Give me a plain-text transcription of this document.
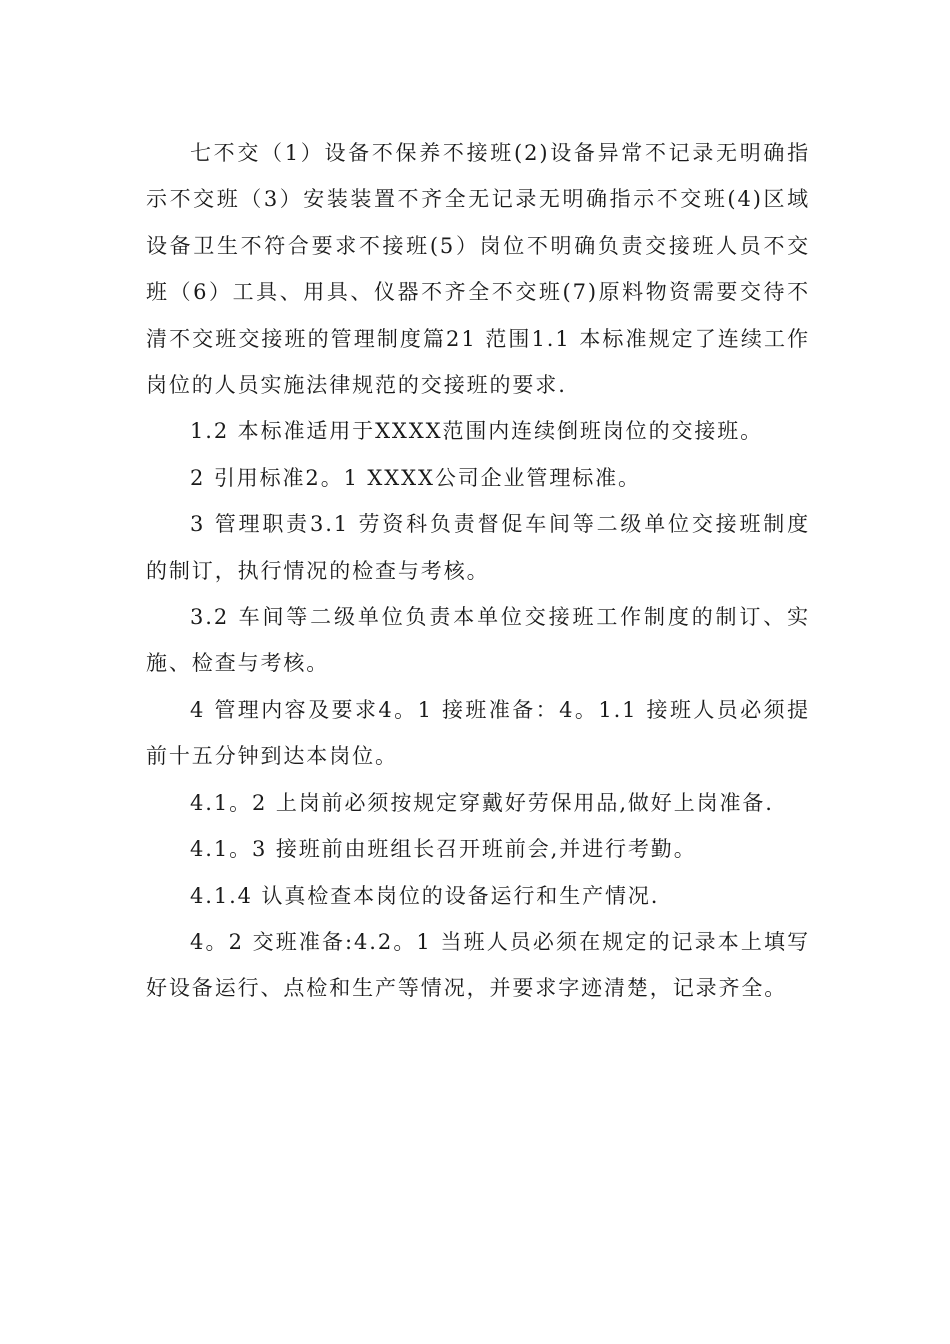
七不交（1）设备不保养不接班(2)设备异常不记录无明确指示不交班（3）安装装置不齐全无记录无明确指示不交班(4)区域设备卫生不符合要求不接班(5）岗位不明确负责交接班人员不交班（6）工具、用具、仪器不齐全不交班(7)原料物资需要交待不清不交班交接班的管理制度篇21 范围1.1 本标准规定了连续工作岗位的人员实施法律规范的交接班的要求.

1.2 本标准适用于XXXX范围内连续倒班岗位的交接班。

2 引用标准2。1 XXXX公司企业管理标准。

3 管理职责3.1 劳资科负责督促车间等二级单位交接班制度的制订，执行情况的检查与考核。

3.2 车间等二级单位负责本单位交接班工作制度的制订、实施、检查与考核。

4 管理内容及要求4。1 接班准备：4。1.1 接班人员必须提前十五分钟到达本岗位。

4.1。2 上岗前必须按规定穿戴好劳保用品,做好上岗准备.

4.1。3 接班前由班组长召开班前会,并进行考勤。

4.1.4 认真检查本岗位的设备运行和生产情况.

4。2 交班准备:4.2。1 当班人员必须在规定的记录本上填写好设备运行、点检和生产等情况，并要求字迹清楚，记录齐全。
